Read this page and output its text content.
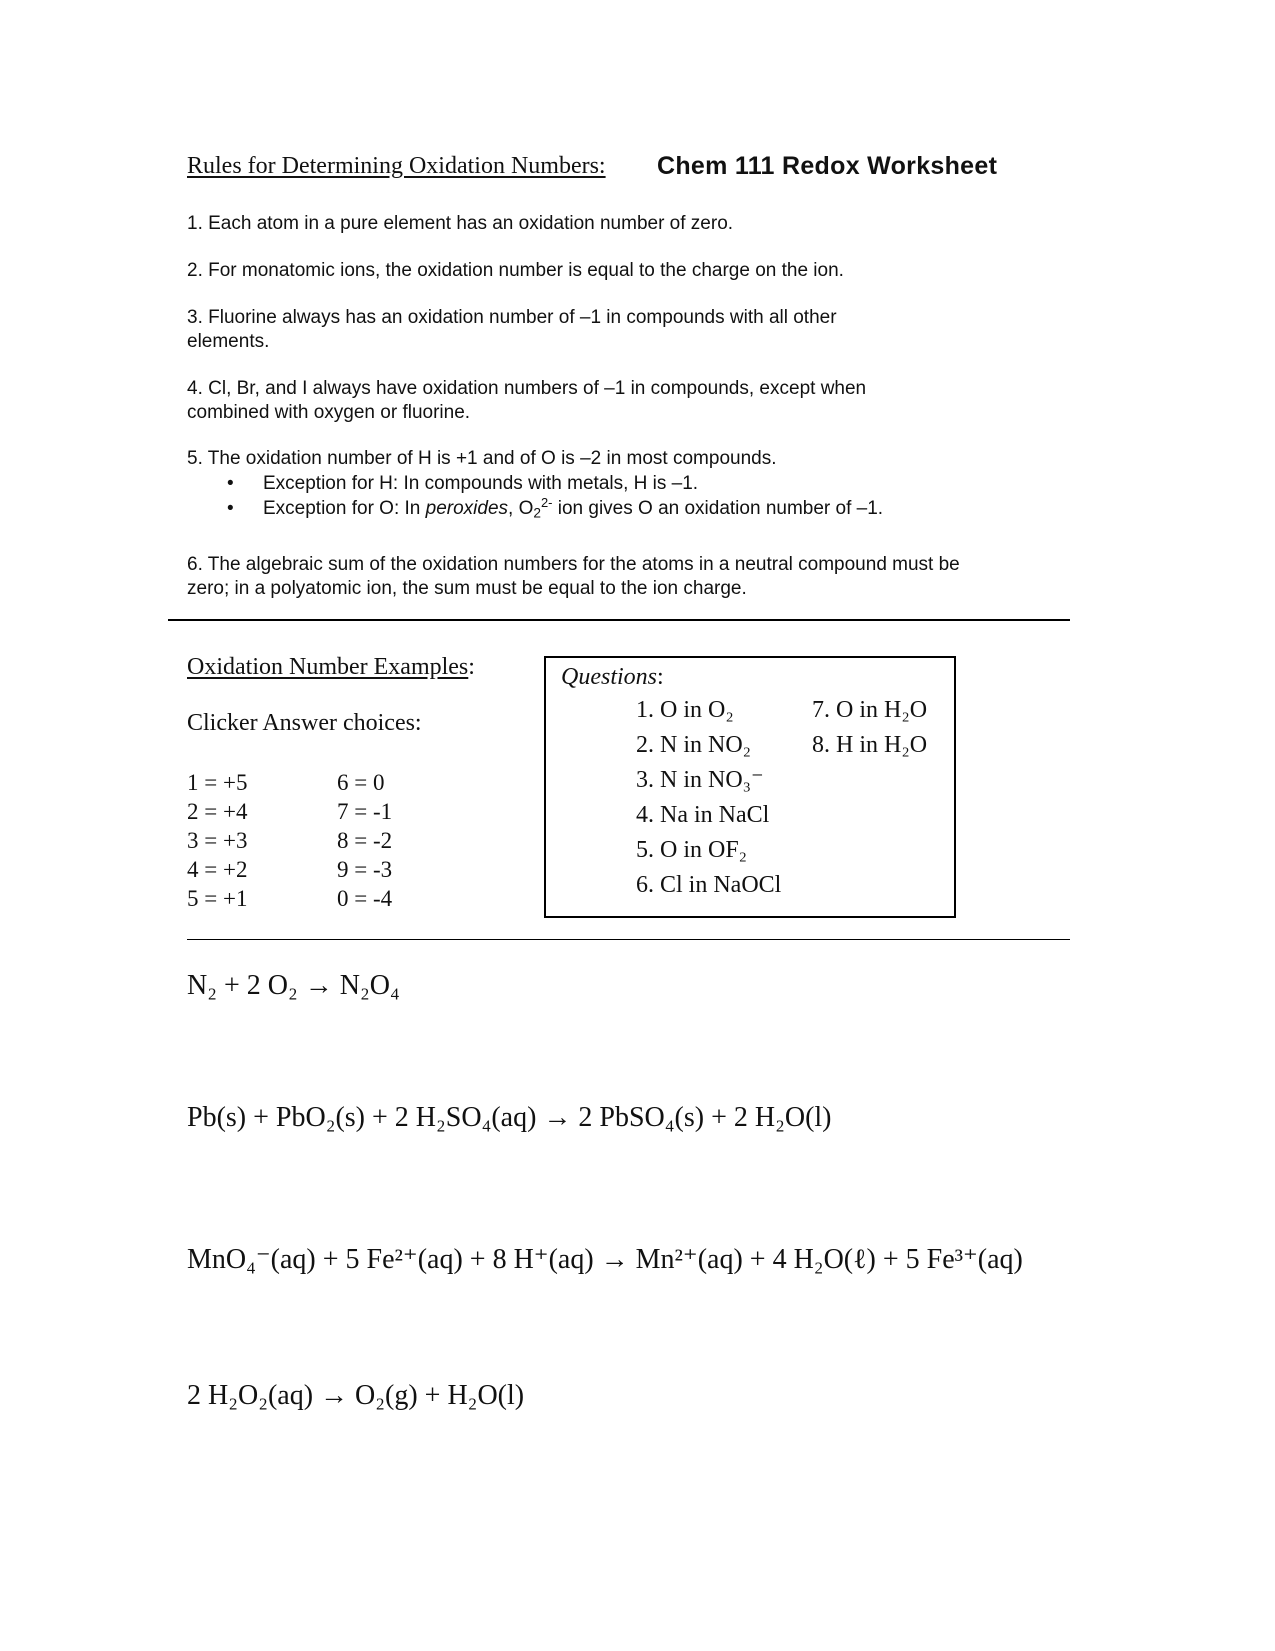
Rules for Determining Oxidation Numbers: Chem 111 Redox Worksheet
1. Each atom in a pure element has an oxidation number of zero.
2. For monatomic ions, the oxidation number is equal to the charge on the ion.
3. Fluorine always has an oxidation number of –1 in compounds with all other elements.
4. Cl, Br, and I always have oxidation numbers of –1 in compounds, except when combined with oxygen or fluorine.
5. The oxidation number of H is +1 and of O is –2 in most compounds.
• Exception for H: In compounds with metals, H is –1.
• Exception for O: In peroxides, $O_2^{2-}$ ion gives O an oxidation number of –1.
6. The algebraic sum of the oxidation numbers for the atoms in a neutral compound must be zero; in a polyatomic ion, the sum must be equal to the ion charge.
Oxidation Number Examples:
Clicker Answer choices:
1 = +5
2 = +4
3 = +3
4 = +2
5 = +1
6 = 0
7 = -1
8 = -2
9 = -3
0 = -4
Questions:
1. O in O₂
2. N in NO₂
3. N in NO₃⁻
4. Na in NaCl
5. O in OF₂
6. Cl in NaOCl
7. O in H₂O
8. H in H₂O
N₂ + 2 O₂ → N₂O₄
Pb(s) + PbO₂(s) + 2 H₂SO₄(aq) → 2 PbSO₄(s) + 2 H₂O(l)
MnO₄⁻(aq) + 5 Fe²⁺(aq) + 8 H⁺(aq) → Mn²⁺(aq) + 4 H₂O(ℓ) + 5 Fe³⁺(aq)
2 H₂O₂(aq) → O₂(g) + H₂O(l)
